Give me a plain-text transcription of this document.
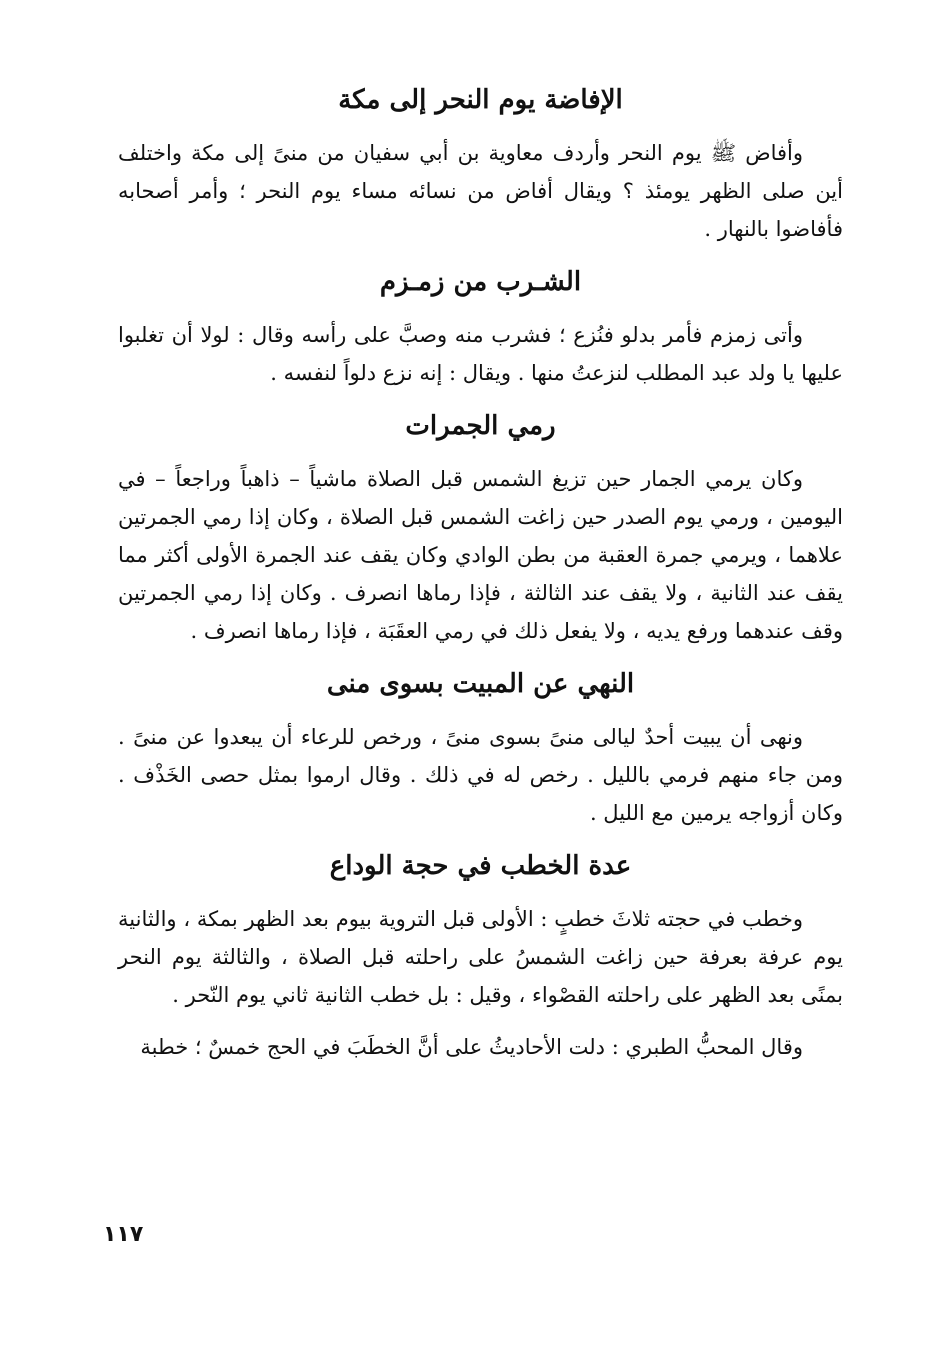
الإفاضة يوم النحر إلى مكة

وأفاض ﷺ يوم النحر وأردف معاوية بن أبي سفيان من منىً إلى مكة واختلف أين صلى الظهر يومئذ ؟ ويقال أفاض من نسائه مساء يوم النحر ؛ وأمر أصحابه فأفاضوا بالنهار .

الشـرب من زمـزم

وأتى زمزم فأمر بدلو فنُزع ؛ فشرب منه وصبَّ على رأسه وقال : لولا أن تغلبوا عليها يا ولد عبد المطلب لنزعتُ منها . ويقال : إنه نزع دلواً لنفسه .

رمي الجمرات

وكان يرمي الجمار حين تزيغ الشمس قبل الصلاة ماشياً – ذاهباً وراجعاً – في اليومين ، ورمي يوم الصدر حين زاغت الشمس قبل الصلاة ، وكان إذا رمي الجمرتين علاهما ، ويرمي جمرة العقبة من بطن الوادي وكان يقف عند الجمرة الأولى أكثر مما يقف عند الثانية ، ولا يقف عند الثالثة ، فإذا رماها انصرف . وكان إذا رمي الجمرتين وقف عندهما ورفع يديه ، ولا يفعل ذلك في رمي العقَبَة ، فإذا رماها انصرف .

النهي عن المبيت بسوى منى

ونهى أن يبيت أحدٌ ليالى منىً بسوى منىً ، ورخص للرعاء أن يبعدوا عن منىً . ومن جاء منهم فرمي بالليل . رخص له في ذلك . وقال ارموا بمثل حصى الخَذْف . وكان أزواجه يرمين مع الليل .

عدة الخطب في حجة الوداع

وخطب في حجته ثلاثَ خطبٍ : الأولى قبل التروية بيوم بعد الظهر بمكة ، والثانية يوم عرفة بعرفة حين زاغت الشمسُ على راحلته قبل الصلاة ، والثالثة يوم النحر بمنًى بعد الظهر على راحلته القصْواء ، وقيل : بل خطب الثانية ثاني يوم النّحر .

وقال المحبُّ الطبري : دلت الأحاديثُ على أنَّ الخطَبَ في الحج خمسٌ ؛ خطبة

١١٧
